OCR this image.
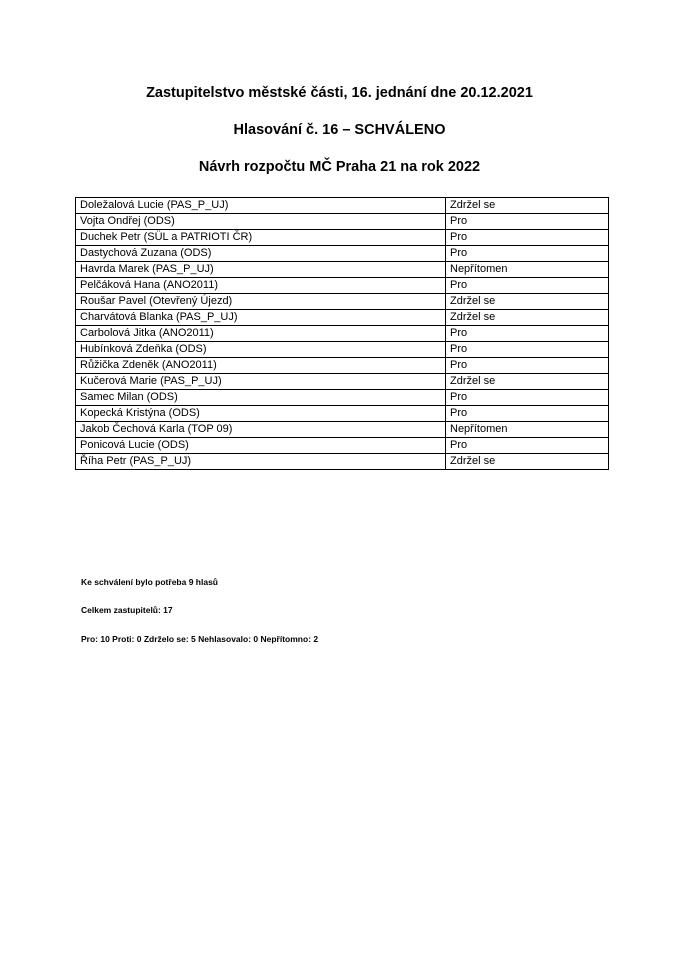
Zastupitelstvo městské části, 16. jednání dne 20.12.2021
Hlasování č. 16 – SCHVÁLENO
Návrh rozpočtu MČ Praha 21 na rok 2022
Doležalová Lucie (PAS_P_UJ)	Zdržel se
Vojta Ondřej (ODS)	Pro
Duchek Petr (SÜL a PATRIOTI ČR)	Pro
Dastychová Zuzana (ODS)	Pro
Havrda Marek (PAS_P_UJ)	Nepřítomen
Pelčáková Hana (ANO2011)	Pro
Roušar Pavel (Otevřený Újezd)	Zdržel se
Charvátová Blanka (PAS_P_UJ)	Zdržel se
Carbolová Jitka (ANO2011)	Pro
Hubínková Zdeňka (ODS)	Pro
Růžička Zdeněk (ANO2011)	Pro
Kučerová Marie (PAS_P_UJ)	Zdržel se
Samec Milan (ODS)	Pro
Kopecká Kristýna (ODS)	Pro
Jakob Čechová Karla (TOP 09)	Nepřítomen
Ponicová Lucie (ODS)	Pro
Říha Petr (PAS_P_UJ)	Zdržel se
Ke schválení bylo potřeba 9 hlasů
Celkem zastupitelů: 17
Pro: 10 Proti: 0 Zdrželo se: 5 Nehlasovalo: 0 Nepřítomno: 2
